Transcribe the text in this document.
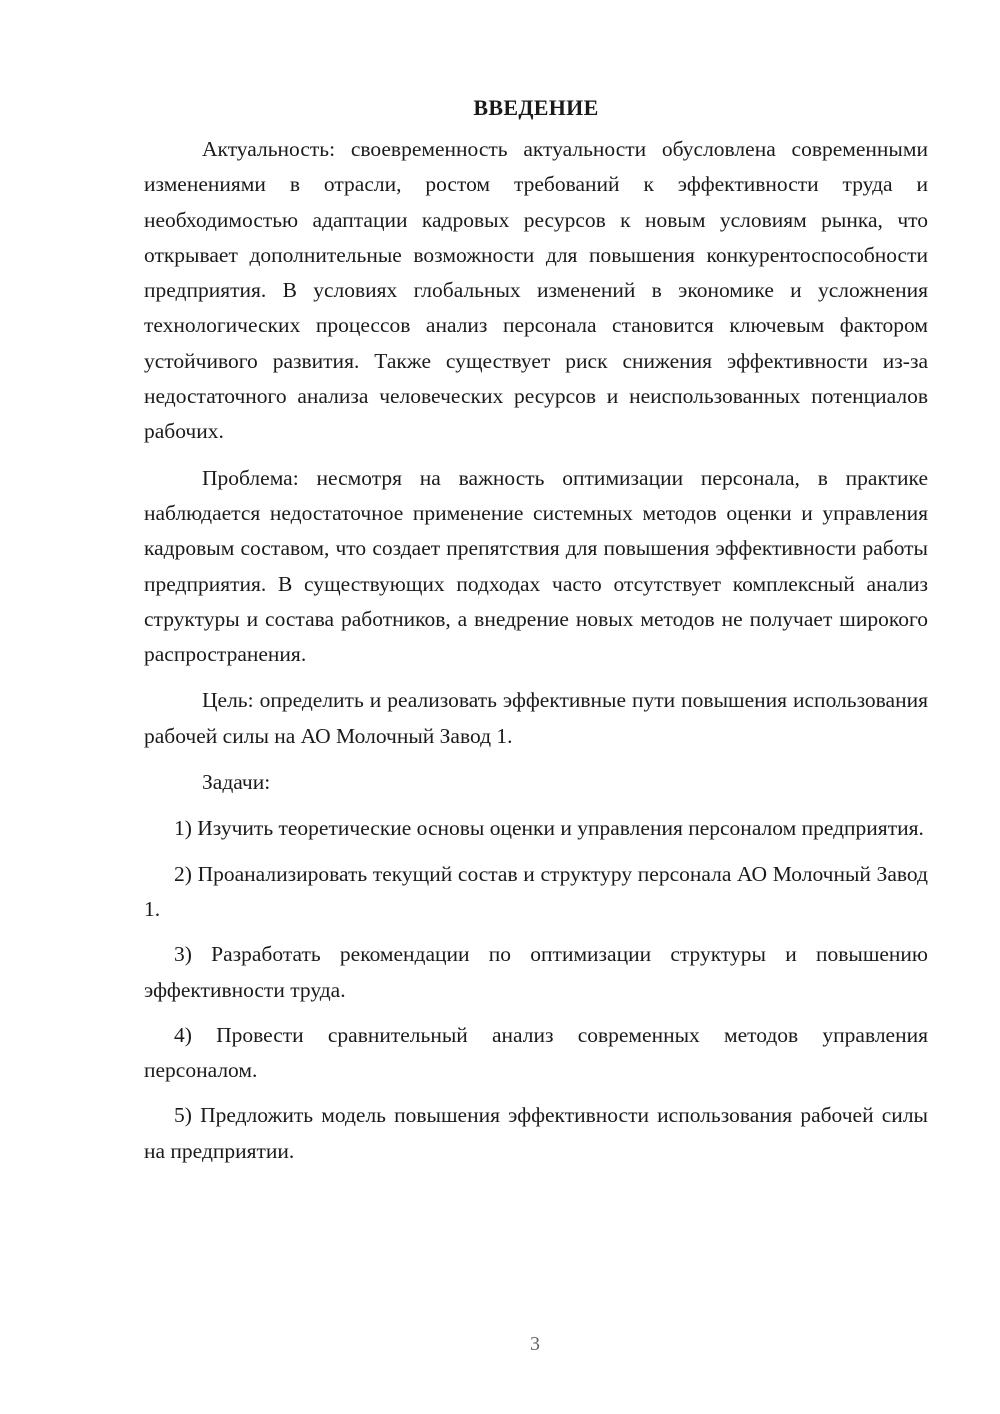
ВВЕДЕНИЕ

Актуальность: своевременность актуальности обусловлена современными изменениями в отрасли, ростом требований к эффективности труда и необходимостью адаптации кадровых ресурсов к новым условиям рынка, что открывает дополнительные возможности для повышения конкурентоспособности предприятия. В условиях глобальных изменений в экономике и усложнения технологических процессов анализ персонала становится ключевым фактором устойчивого развития. Также существует риск снижения эффективности из-за недостаточного анализа человеческих ресурсов и неиспользованных потенциалов рабочих.

Проблема: несмотря на важность оптимизации персонала, в практике наблюдается недостаточное применение системных методов оценки и управления кадровым составом, что создает препятствия для повышения эффективности работы предприятия. В существующих подходах часто отсутствует комплексный анализ структуры и состава работников, а внедрение новых методов не получает широкого распространения.

Цель: определить и реализовать эффективные пути повышения использования рабочей силы на АО Молочный Завод 1.

Задачи:

1) Изучить теоретические основы оценки и управления персоналом предприятия.

2) Проанализировать текущий состав и структуру персонала АО Молочный Завод 1.

3) Разработать рекомендации по оптимизации структуры и повышению эффективности труда.

4) Провести сравнительный анализ современных методов управления персоналом.

5) Предложить модель повышения эффективности использования рабочей силы на предприятии.

3
